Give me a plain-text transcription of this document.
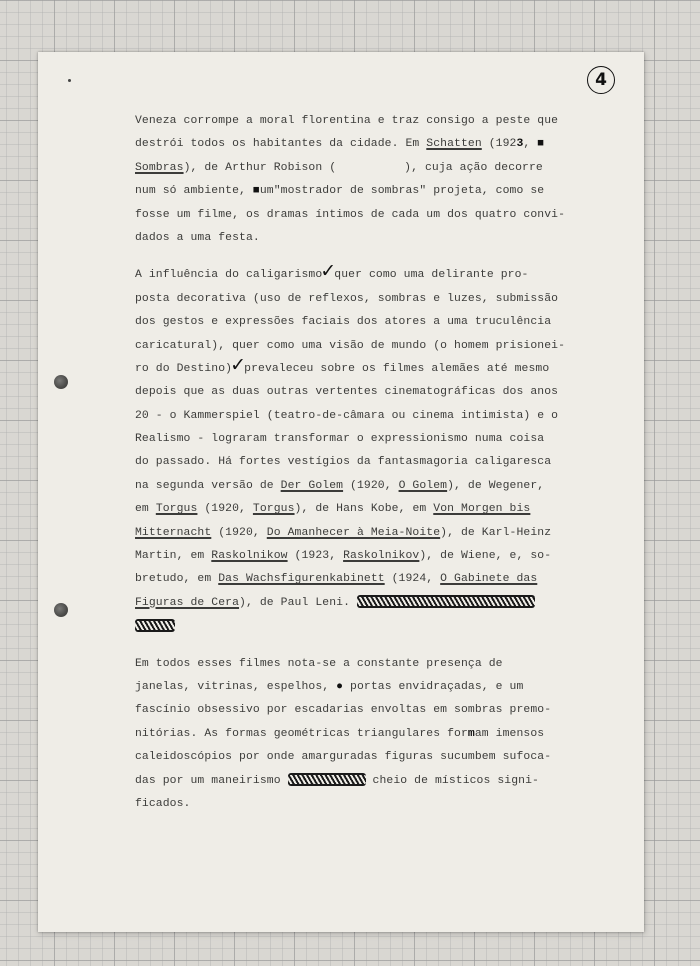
4
Veneza corrompe a moral florentina e traz consigo a peste que
destrói todos os habitantes da cidade. Em Schatten (1923, ■
Sombras), de Arthur Robison (	), cuja ação decorre
num só ambiente, ■um"mostrador de sombras" projeta, como se
fosse um filme, os dramas íntimos de cada um dos quatro convi-
dados a uma festa.
A influência do caligarismo✓quer como uma delirante pro-
posta decorativa (uso de reflexos, sombras e luzes, submissão
dos gestos e expressões faciais dos atores a uma truculência
caricatural), quer como uma visão de mundo (o homem prisionei-
ro do Destino)✓prevaleceu sobre os filmes alemães até mesmo
depois que as duas outras vertentes cinematográficas dos anos
20 - o Kammerspiel (teatro-de-câmara ou cinema intimista) e o
Realismo - lograram transformar o expressionismo numa coisa
do passado. Há fortes vestígios da fantasmagoria caligaresca
na segunda versão de Der Golem (1920, O Golem), de Wegener,
em Torgus (1920, Torgus), de Hans Kobe, em Von Morgen bis
Mitternacht (1920, Do Amanhecer à Meia-Noite), de Karl-Heinz
Martin, em Raskolnikow (1923, Raskolnikov), de Wiene, e, so-
bretudo, em Das Wachsfigurenkabinett (1924, O Gabinete das
Figuras de Cera), de Paul Leni.
Em todos esses filmes nota-se a constante presença de
janelas, vitrinas, espelhos, ● portas envidraçadas, e um
fascínio obsessivo por escadarias envoltas em sombras premo-
nitórias. As formas geométricas triangulares formam imensos
caleidoscópios por onde amarguradas figuras sucumbem sufoca-
das por um maneirismo	cheio de místicos signi-
ficados.
